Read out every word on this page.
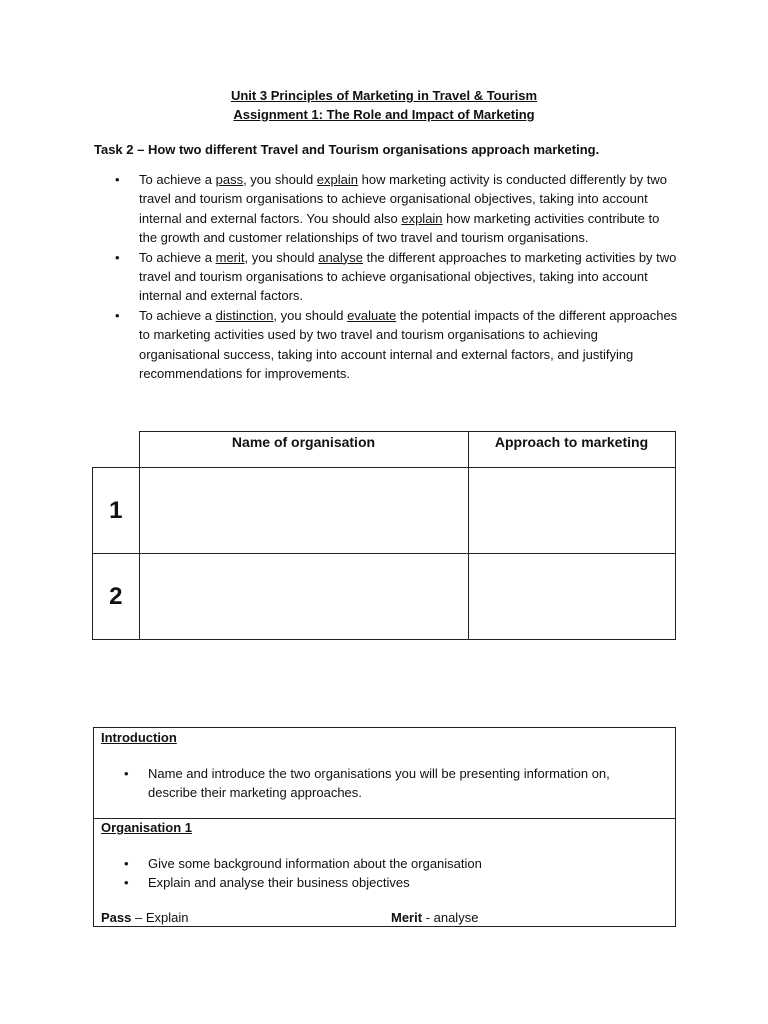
Unit 3 Principles of Marketing in Travel & Tourism
Assignment 1: The Role and Impact of Marketing
Task 2 – How two different Travel and Tourism organisations approach marketing.
• To achieve a pass, you should explain how marketing activity is conducted differently by two travel and tourism organisations to achieve organisational objectives, taking into account internal and external factors. You should also explain how marketing activities contribute to the growth and customer relationships of two travel and tourism organisations.
• To achieve a merit, you should analyse the different approaches to marketing activities by two travel and tourism organisations to achieve organisational objectives, taking into account internal and external factors.
• To achieve a distinction, you should evaluate the potential impacts of the different approaches to marketing activities used by two travel and tourism organisations to achieving organisational success, taking into account internal and external factors, and justifying recommendations for improvements.
	Name of organisation	Approach to marketing
1		
2		
Introduction
• Name and introduce the two organisations you will be presenting information on, describe their marketing approaches.
Organisation 1
• Give some background information about the organisation
• Explain and analyse their business objectives
Pass – Explain	Merit - analyse
